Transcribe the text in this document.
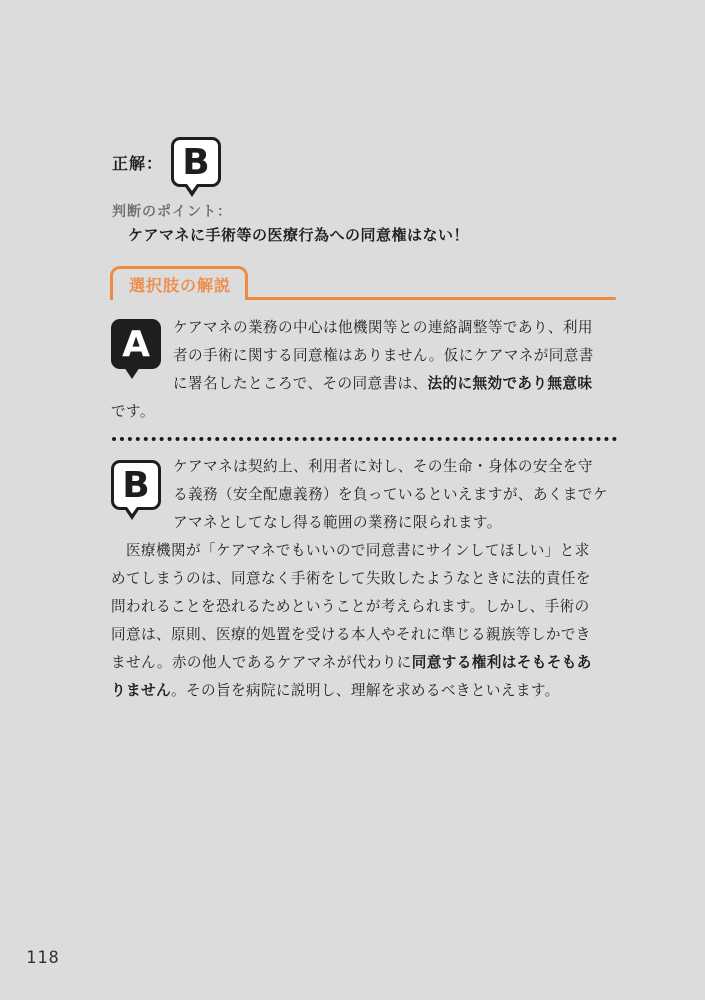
正解： B
判断のポイント：
ケアマネに手術等の医療行為への同意権はない！
選択肢の解説
A	ケアマネの業務の中心は他機関等との連絡調整等であり、利用
者の手術に関する同意権はありません。仮にケアマネが同意書
に署名したところで、その同意書は、法的に無効であり無意味
です。
B	ケアマネは契約上、利用者に対し、その生命・身体の安全を守
る義務（安全配慮義務）を負っているといえますが、あくまでケ
アマネとしてなし得る範囲の業務に限られます。
　医療機関が「ケアマネでもいいので同意書にサインしてほしい」と求
めてしまうのは、同意なく手術をして失敗したようなときに法的責任を
問われることを恐れるためということが考えられます。しかし、手術の
同意は、原則、医療的処置を受ける本人やそれに準じる親族等しかでき
ません。赤の他人であるケアマネが代わりに同意する権利はそもそもあ
りません。その旨を病院に説明し、理解を求めるべきといえます。
118
